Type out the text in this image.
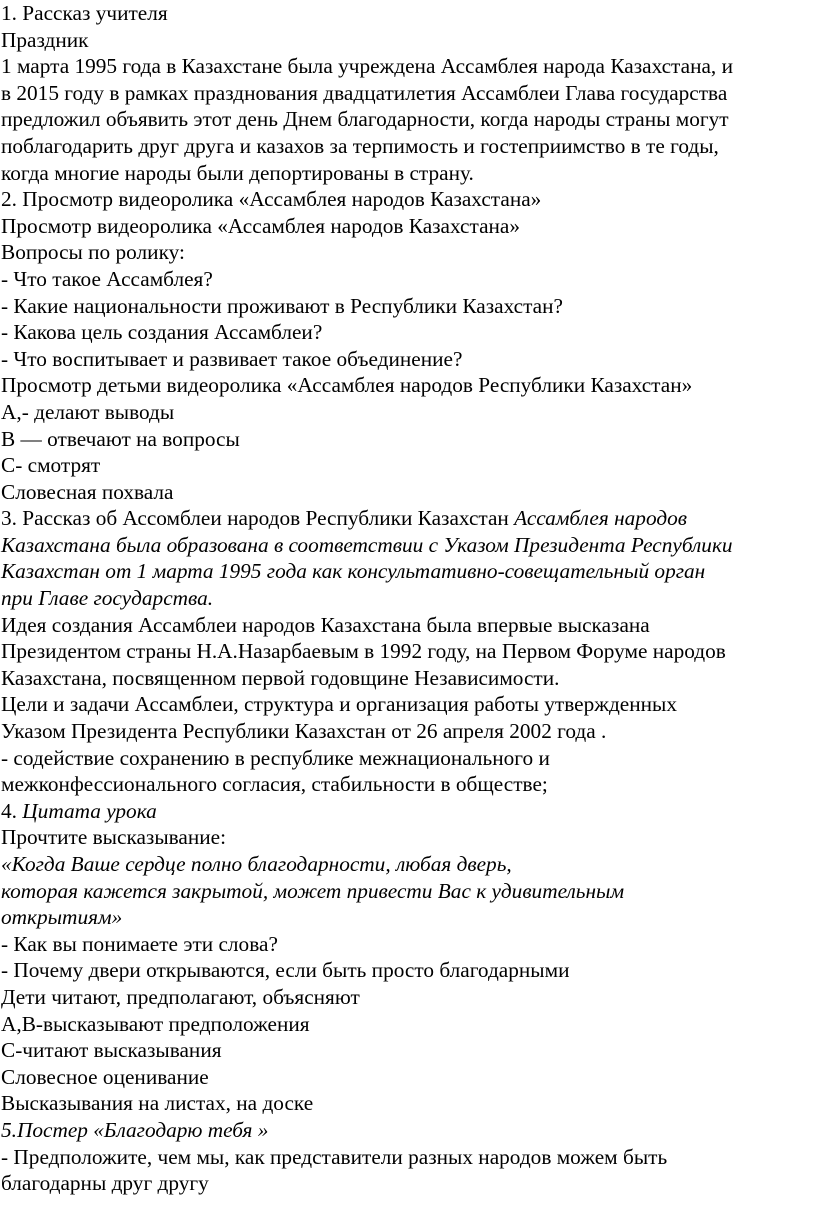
1. Рассказ учителя
Праздник
1 марта 1995 года в Казахстане была учреждена Ассамблея народа Казахстана, и
в 2015 году в рамках празднования двадцатилетия Ассамблеи Глава государства
предложил объявить этот день Днем благодарности, когда народы страны могут
поблагодарить друг друга и казахов за терпимость и гостеприимство в те годы,
когда многие народы были депортированы в страну.
2. Просмотр видеоролика «Ассамблея народов Казахстана»
Просмотр видеоролика «Ассамблея народов Казахстана»
Вопросы по ролику:
- Что такое Ассамблея?
- Какие национальности проживают в Республики Казахстан?
- Какова цель создания Ассамблеи?
- Что воспитывает и развивает такое объединение?
Просмотр детьми видеоролика «Ассамблея народов Республики Казахстан»
А,- делают выводы
В — отвечают на вопросы
С- смотрят
Словесная похвала
3. Рассказ об Ассомблеи народов Республики Казахстан Ассамблея народов
Казахстана была образована в соответствии с Указом Президента Республики
Казахстан от 1 марта 1995 года как консультативно-совещательный орган
при Главе государства.
Идея создания Ассамблеи народов Казахстана была впервые высказана
Президентом страны Н.А.Назарбаевым в 1992 году, на Первом Форуме народов
Казахстана, посвященном первой годовщине Независимости.
Цели и задачи Ассамблеи, структура и организация работы утвержденных
Указом Президента Республики Казахстан от 26 апреля 2002 года .
- содействие сохранению в республике межнационального и
межконфессионального согласия, стабильности в обществе;
4. Цитата урока
Прочтите высказывание:
«Когда Ваше сердце полно благодарности, любая дверь,
которая кажется закрытой, может привести Вас к удивительным
открытиям»
- Как вы понимаете эти слова?
- Почему двери открываются, если быть просто благодарными
Дети читают, предполагают, объясняют
А,В-высказывают предположения
С-читают высказывания
Словесное оценивание
Высказывания на листах, на доске
5.Постер «Благодарю тебя »
- Предположите, чем мы, как представители разных народов можем быть
благодарны друг другу
